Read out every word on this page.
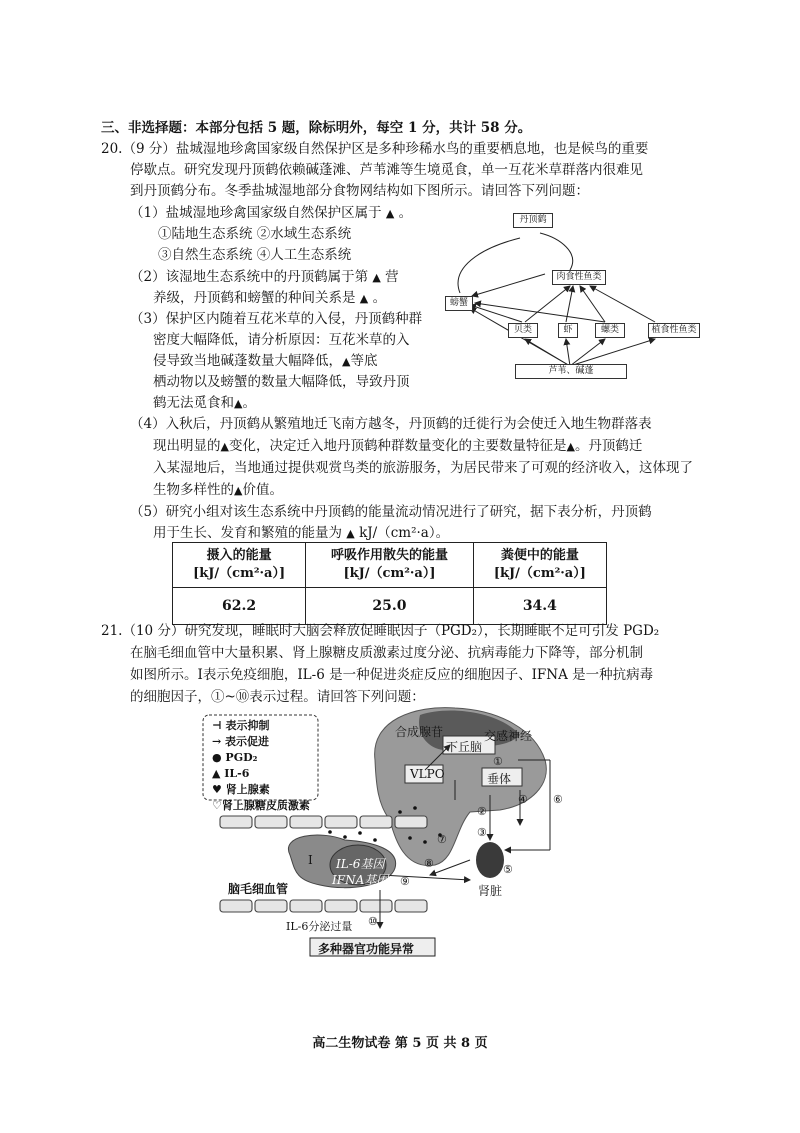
三、非选择题：本部分包括 5 题，除标明外，每空 1 分，共计 58 分。
20.（9 分）盐城湿地珍禽国家级自然保护区是多种珍稀水鸟的重要栖息地，也是候鸟的重要
停歇点。研究发现丹顶鹤依赖碱蓬滩、芦苇滩等生境觅食，单一互花米草群落内很难见
到丹顶鹤分布。冬季盐城湿地部分食物网结构如下图所示。请回答下列问题：
（1）盐城湿地珍禽国家级自然保护区属于 ▲ 。
①陆地生态系统 ②水域生态系统
③自然生态系统 ④人工生态系统
（2）该湿地生态系统中的丹顶鹤属于第 ▲ 营
养级，丹顶鹤和螃蟹的种间关系是 ▲ 。
（3）保护区内随着互花米草的入侵，丹顶鹤种群
密度大幅降低，请分析原因：互花米草的入
侵导致当地碱蓬数量大幅降低，▲等底
栖动物以及螃蟹的数量大幅降低，导致丹顶
鹤无法觅食和▲。
丹顶鹤
肉食性鱼类
螃蟹
贝类	虾	螺类	植食性鱼类
芦苇、碱蓬
（4）入秋后，丹顶鹤从繁殖地迁飞南方越冬，丹顶鹤的迁徙行为会使迁入地生物群落表
现出明显的▲变化，决定迁入地丹顶鹤种群数量变化的主要数量特征是▲。丹顶鹤迁
入某湿地后，当地通过提供观赏鸟类的旅游服务，为居民带来了可观的经济收入，这体现了
生物多样性的▲价值。
（5）研究小组对该生态系统中丹顶鹤的能量流动情况进行了研究，据下表分析，丹顶鹤
用于生长、发育和繁殖的能量为 ▲ kJ/（cm²·a）。
摄入的能量
[kJ/（cm²·a）]	呼吸作用散失的能量
[kJ/（cm²·a）]	粪便中的能量
[kJ/（cm²·a）]
62.2	25.0	34.4
21.（10 分）研究发现，睡眠时大脑会释放促睡眠因子（PGD₂），长期睡眠不足可引发 PGD₂
在脑毛细血管中大量积累、肾上腺糖皮质激素过度分泌、抗病毒能力下降等，部分机制
如图所示。I表示免疫细胞，IL-6 是一种促进炎症反应的细胞因子、IFNA 是一种抗病毒
的细胞因子，①~⑩表示过程。请回答下列问题：
⊣ 表示抑制
→ 表示促进
● PGD₂
▲ IL-6
♥ 肾上腺素
♡肾上腺糖皮质激素
合成腺苷	交感神经
下丘脑
VLPO	垂体
I IL-6基因
IFNA基因
脑毛细血管	肾脏
IL-6分泌过量
多种器官功能异常
①
②
③
④
⑤
⑥
⑦
⑧
⑨
⑩
高二生物试卷 第 5 页 共 8 页
